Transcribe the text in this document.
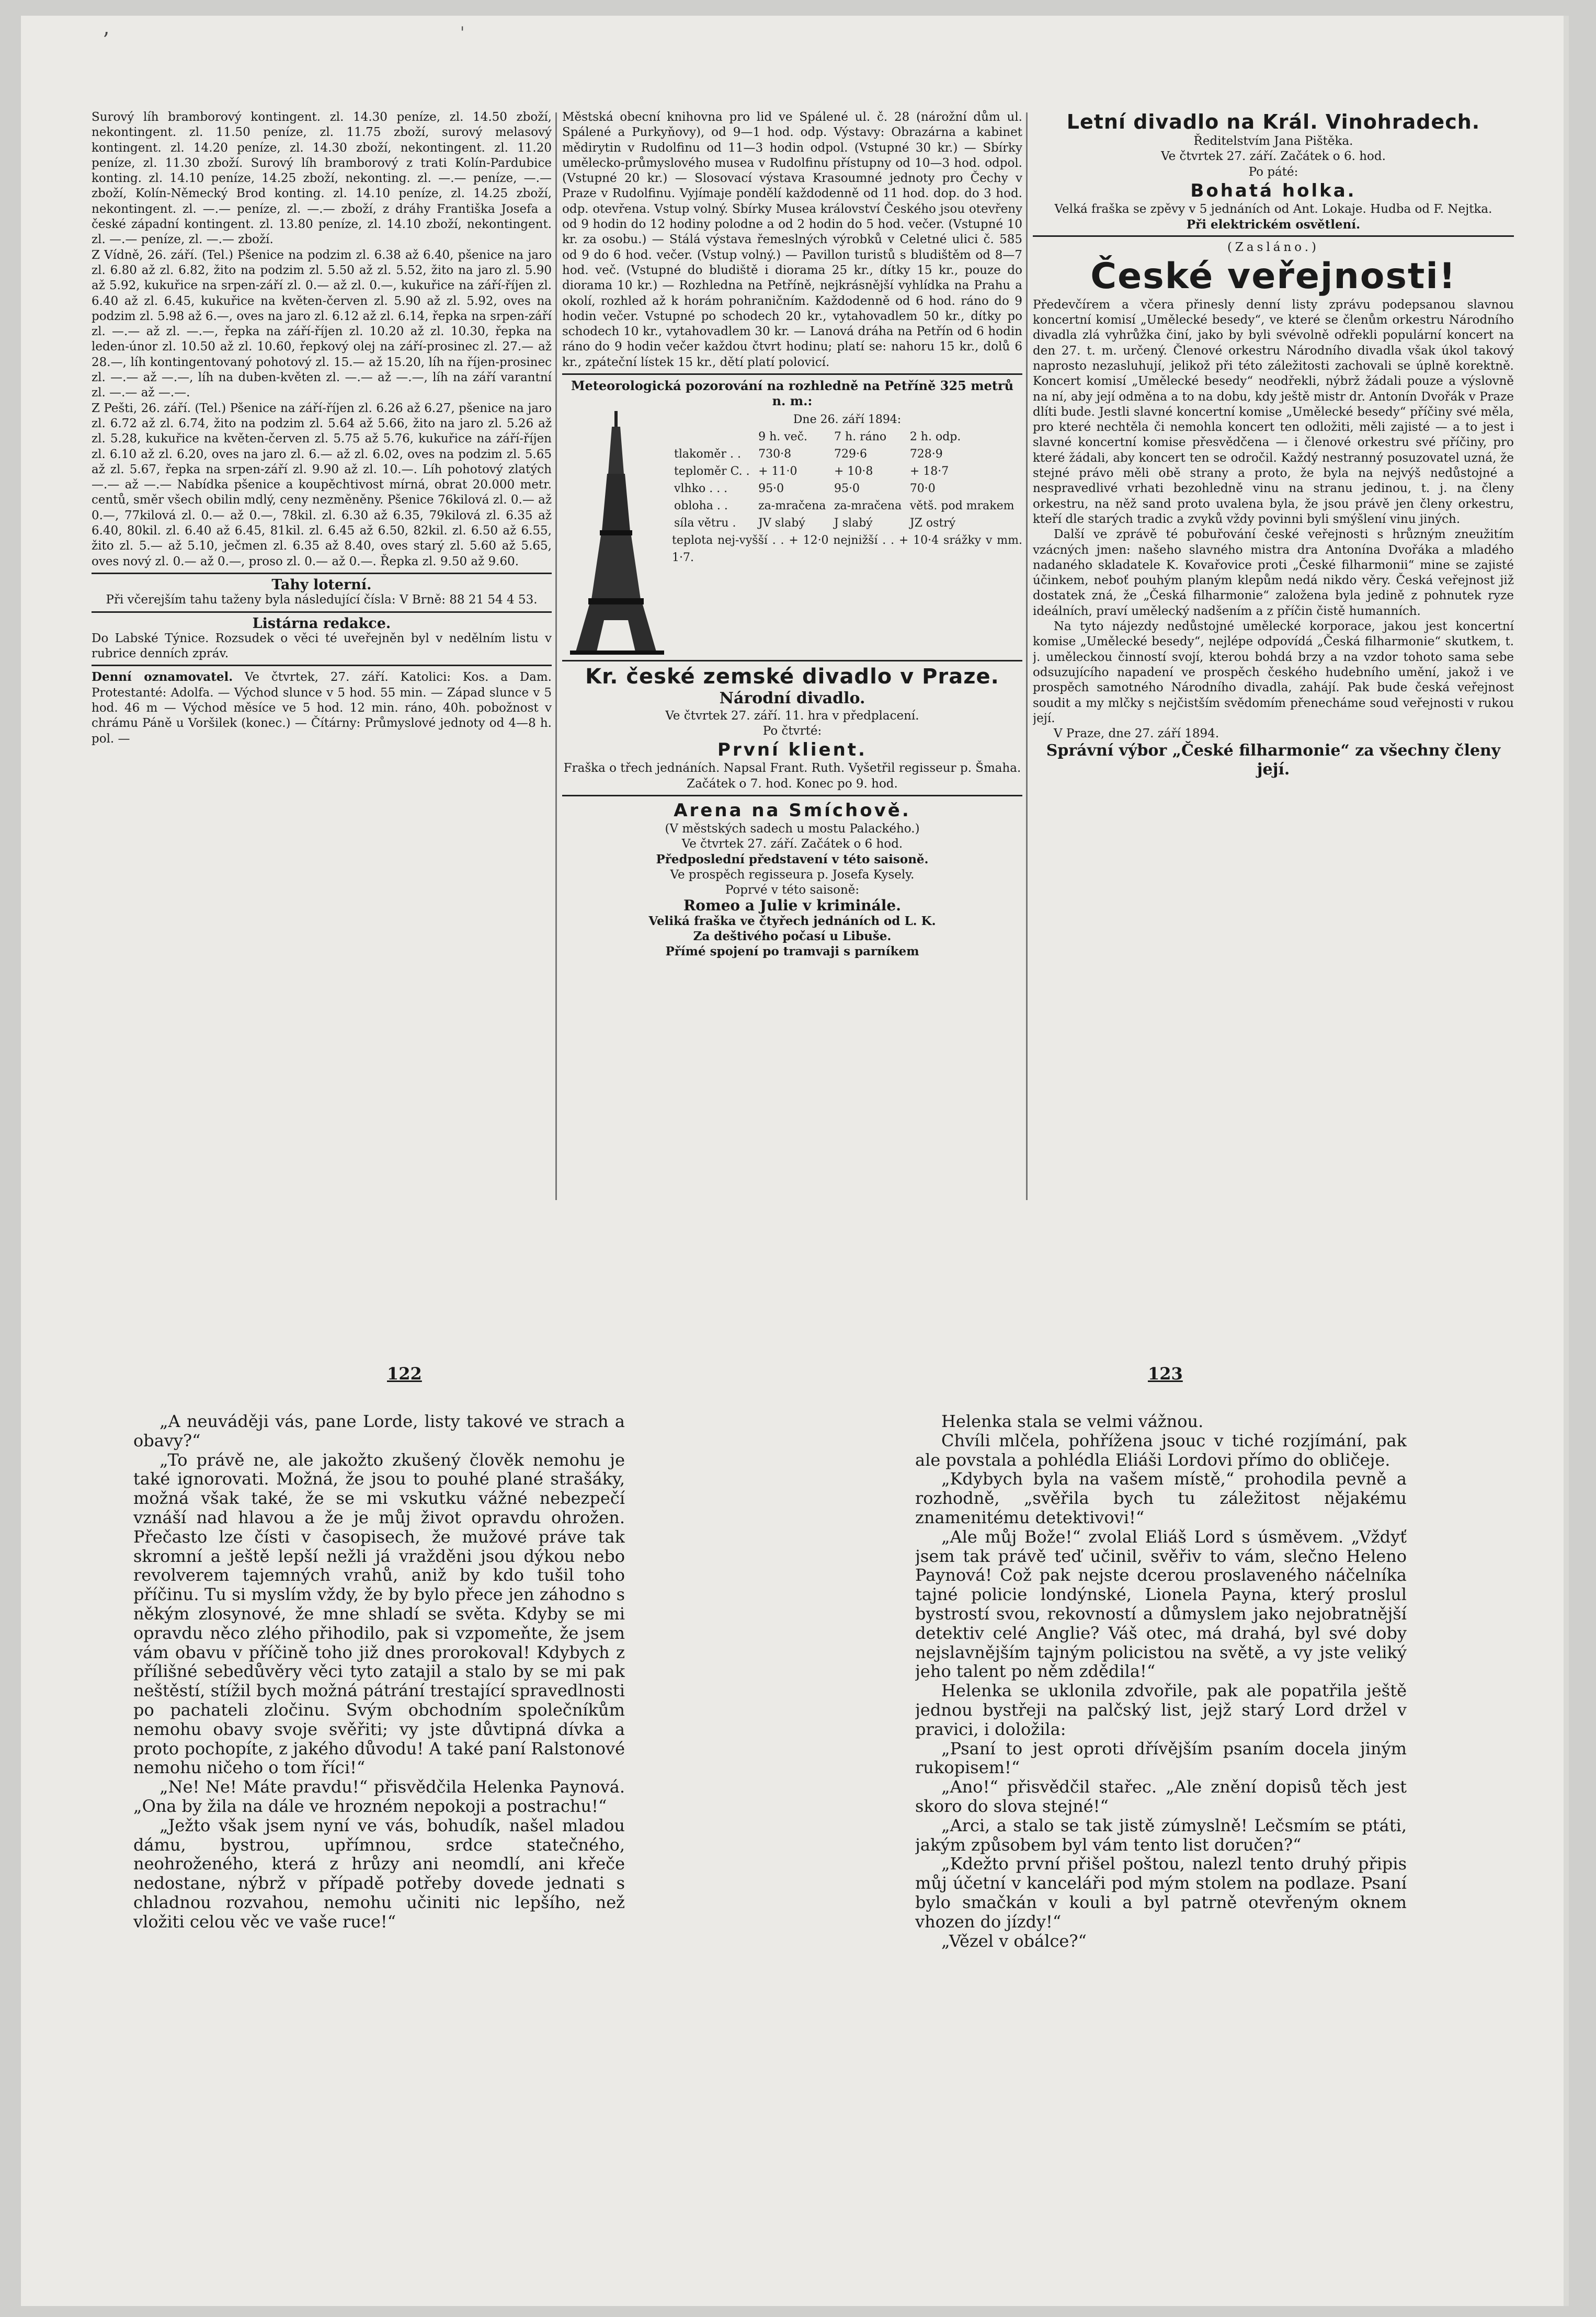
ʼ	'

Surový líh bramborový kontingent. zl. 14.30 peníze, zl. 14.50 zboží, nekontingent. zl. 11.50 peníze, zl. 11.75 zboží, surový melasový kontingent. zl. 14.20 peníze, zl. 14.30 zboží, nekontingent. zl. 11.20 peníze, zl. 11.30 zboží. Surový líh bramborový z trati Kolín-Pardubice konting. zl. 14.10 peníze, 14.25 zboží, nekonting. zl. —.— peníze, —.— zboží, Kolín-Německý Brod konting. zl. 14.10 peníze, zl. 14.25 zboží, nekontingent. zl. —.— peníze, zl. —.— zboží, z dráhy Františka Josefa a české západní kontingent. zl. 13.80 peníze, zl. 14.10 zboží, nekontingent. zl. —.— peníze, zl. —.— zboží.

Z Vídně, 26. září. (Tel.) Pšenice na podzim zl. 6.38 až 6.40, pšenice na jaro zl. 6.80 až zl. 6.82, žito na podzim zl. 5.50 až zl. 5.52, žito na jaro zl. 5.90 až 5.92, kukuřice na srpen-září zl. 0.— až zl. 0.—, kukuřice na září-říjen zl. 6.40 až zl. 6.45, kukuřice na květen-červen zl. 5.90 až zl. 5.92, oves na podzim zl. 5.98 až 6.—, oves na jaro zl. 6.12 až zl. 6.14, řepka na srpen-září zl. —.— až zl. —.—, řepka na září-říjen zl. 10.20 až zl. 10.30, řepka na leden-únor zl. 10.50 až zl. 10.60, řepkový olej na září-prosinec zl. 27.— až 28.—, líh kontingentovaný pohotový zl. 15.— až 15.20, líh na říjen-prosinec zl. —.— až —.—, líh na duben-květen zl. —.— až —.—, líh na září varantní zl. —.— až —.—.

Z Pešti, 26. září. (Tel.) Pšenice na září-říjen zl. 6.26 až 6.27, pšenice na jaro zl. 6.72 až zl. 6.74, žito na podzim zl. 5.64 až 5.66, žito na jaro zl. 5.26 až zl. 5.28, kukuřice na květen-červen zl. 5.75 až 5.76, kukuřice na září-říjen zl. 6.10 až zl. 6.20, oves na jaro zl. 6.— až zl. 6.02, oves na podzim zl. 5.65 až zl. 5.67, řepka na srpen-září zl. 9.90 až zl. 10.—. Líh pohotový zlatých —.— až —.— Nabídka pšenice a koupěchtivost mírná, obrat 20.000 metr. centů, směr všech obilin mdlý, ceny nezměněny. Pšenice 76kilová zl. 0.— až 0.—, 77kilová zl. 0.— až 0.—, 78kil. zl. 6.30 až 6.35, 79kilová zl. 6.35 až 6.40, 80kil. zl. 6.40 až 6.45, 81kil. zl. 6.45 až 6.50, 82kil. zl. 6.50 až 6.55, žito zl. 5.— až 5.10, ječmen zl. 6.35 až 8.40, oves starý zl. 5.60 až 5.65, oves nový zl. 0.— až 0.—, proso zl. 0.— až 0.—. Řepka zl. 9.50 až 9.60.

Tahy loterní.

Při včerejším tahu taženy byla následující čísla: V Brně: 88 21 54 4 53.

Listárna redakce.

Do Labské Týnice. Rozsudek o věci té uveřejněn byl v nedělním listu v rubrice denních zpráv.

Denní oznamovatel. Ve čtvrtek, 27. září. Katolici: Kos. a Dam. Protestanté: Adolfa. — Východ slunce v 5 hod. 55 min. — Západ slunce v 5 hod. 46 m — Východ měsíce ve 5 hod. 12 min. ráno, 40h. pobožnost v chrámu Páně u Voršilek (konec.) — Čítárny: Průmyslové jednoty od 4—8 h. pol. —

Městská obecní knihovna pro lid ve Spálené ul. č. 28 (nárožní dům ul. Spálené a Purkyňovy), od 9—1 hod. odp. Výstavy: Obrazárna a kabinet mědirytin v Rudolfinu od 11—3 hodin odpol. (Vstupné 30 kr.) — Sbírky umělecko-průmyslového musea v Rudolfinu přístupny od 10—3 hod. odpol. (Vstupné 20 kr.) — Slosovací výstava Krasoumné jednoty pro Čechy v Praze v Rudolfinu. Vyjímaje pondělí každodenně od 11 hod. dop. do 3 hod. odp. otevřena. Vstup volný. Sbírky Musea království Českého jsou otevřeny od 9 hodin do 12 hodiny polodne a od 2 hodin do 5 hod. večer. (Vstupné 10 kr. za osobu.) — Stálá výstava řemeslných výrobků v Celetné ulici č. 585 od 9 do 6 hod. večer. (Vstup volný.) — Pavillon turistů s bludištěm od 8—7 hod. več. (Vstupné do bludiště i diorama 25 kr., dítky 15 kr., pouze do diorama 10 kr.) — Rozhledna na Petříně, nejkrásnější vyhlídka na Prahu a okolí, rozhled až k horám pohraničním. Každodenně od 6 hod. ráno do 9 hodin večer. Vstupné po schodech 20 kr., vytahovadlem 50 kr., dítky po schodech 10 kr., vytahovadlem 30 kr. — Lanová dráha na Petřín od 6 hodin ráno do 9 hodin večer každou čtvrt hodinu; platí se: nahoru 15 kr., dolů 6 kr., zpáteční lístek 15 kr., dětí platí polovicí.

Meteorologická pozorování na rozhledně na Petříně 325 metrů n. m.:

Dne 26. září 1894:
	9 h. več.	7 h. ráno	2 h. odp.
tlakoměr . .	730·8	729·6	728·9
teploměr C. .	+ 11·0	+ 10·8	+ 18·7
vlhko . . .	95·0	95·0	70·0
obloha . .	za-mračena	za-mračena	větš. pod mrakem
síla větru .	JV slabý	J slabý	JZ ostrý
teplota nej-vyšší . . + 12·0 nejnižší . . + 10·4 srážky v mm. 1·7.

Kr. české zemské divadlo v Praze.

Národní divadlo.

Ve čtvrtek 27. září. 11. hra v předplacení.

Po čtvrté:

První klient.

Fraška o třech jednáních. Napsal Frant. Ruth. Vyšetřil regisseur p. Šmaha.

Začátek o 7. hod. Konec po 9. hod.

Arena na Smíchově.

(V městských sadech u mostu Palackého.)

Ve čtvrtek 27. září. Začátek o 6 hod.

Předposlední představení v této saisoně.

Ve prospěch regisseura p. Josefa Kysely.

Poprvé v této saisoně:

Romeo a Julie v kriminále.

Veliká fraška ve čtyřech jednáních od L. K.

Za deštivého počasí u Libuše.

Přímé spojení po tramvaji s parníkem

Letní divadlo na Král. Vinohradech.

Ředitelstvím Jana Pištěka.

Ve čtvrtek 27. září. Začátek o 6. hod.

Po páté:

Bohatá holka.

Velká fraška se zpěvy v 5 jednáních od Ant. Lokaje. Hudba od F. Nejtka.

Při elektrickém osvětlení.

(Zasláno.)

České veřejnosti!

Předevčírem a včera přinesly denní listy zprávu podepsanou slavnou koncertní komisí „Umělecké besedy“, ve které se členům orkestru Národního divadla zlá vyhrůžka činí, jako by byli svévolně odřekli populární koncert na den 27. t. m. určený. Členové orkestru Národního divadla však úkol takový naprosto nezasluhují, jelikož při této záležitosti zachovali se úplně korektně. Koncert komisí „Umělecké besedy“ neodřekli, nýbrž žádali pouze a výslovně na ní, aby její odměna a to na dobu, kdy ještě mistr dr. Antonín Dvořák v Praze dlíti bude. Jestli slavné koncertní komise „Umělecké besedy“ příčiny své měla, pro které nechtěla či nemohla koncert ten odložiti, měli zajisté — a to jest i slavné koncertní komise přesvědčena — i členové orkestru své příčiny, pro které žádali, aby koncert ten se odročil. Každý nestranný posuzovatel uzná, že stejné právo měli obě strany a proto, že byla na nejvýš nedůstojné a nespravedlivé vrhati bezohledně vinu na stranu jedinou, t. j. na členy orkestru, na něž sand proto uvalena byla, že jsou právě jen členy orkestru, kteří dle starých tradic a zvyků vždy povinni byli smýšlení vinu jiných.

Další ve zprávě té pobuřování české veřejnosti s hrůzným zneužitím vzácných jmen: našeho slavného mistra dra Antonína Dvořáka a mladého nadaného skladatele K. Kovařovice proti „České filharmonii“ mine se zajisté účinkem, neboť pouhým planým klepům nedá nikdo věry. Česká veřejnost již dostatek zná, že „Česká filharmonie“ založena byla jedině z pohnutek ryze ideálních, praví umělecký nadšením a z příčin čistě humanních.

Na tyto nájezdy nedůstojné umělecké korporace, jakou jest koncertní komise „Umělecké besedy“, nejlépe odpovídá „Česká filharmonie“ skutkem, t. j. uměleckou činností svojí, kterou bohdá brzy a na vzdor tohoto sama sebe odsuzujícího napadení ve prospěch českého hudebního umění, jakož i ve prospěch samotného Národního divadla, zahájí. Pak bude česká veřejnost soudit a my mlčky s nejčistším svědomím přenecháme soud veřejnosti v rukou její.

V Praze, dne 27. září 1894.

Správní výbor „České filharmonie“ za všechny členy její.

122	123

„A neuváději vás, pane Lorde, listy takové ve strach a obavy?“

„To právě ne, ale jakožto zkušený člověk nemohu je také ignorovati. Možná, že jsou to pouhé plané strašáky, možná však také, že se mi vskutku vážné nebezpečí vznáší nad hlavou a že je můj život opravdu ohrožen. Přečasto lze čísti v časopisech, že mužové práve tak skromní a ještě lepší nežli já vražděni jsou dýkou nebo revolverem tajemných vrahů, aniž by kdo tušil toho příčinu. Tu si myslím vždy, že by bylo přece jen záhodno s někým zlosynové, že mne shladí se světa. Kdyby se mi opravdu něco zlého přihodilo, pak si vzpomeňte, že jsem vám obavu v příčině toho již dnes prorokoval! Kdybych z přílišné sebedůvěry věci tyto zatajil a stalo by se mi pak neštěstí, stížil bych možná pátrání trestající spravedlnosti po pachateli zločinu. Svým obchodním společníkům nemohu obavy svoje svěřiti; vy jste důvtipná dívka a proto pochopíte, z jakého důvodu! A také paní Ralstonové nemohu ničeho o tom říci!“

„Ne! Ne! Máte pravdu!“ přisvědčila Helenka Paynová. „Ona by žila na dále ve hrozném nepokoji a postrachu!“

„Ježto však jsem nyní ve vás, bohudík, našel mladou dámu, bystrou, upřímnou, srdce statečného, neohroženého, která z hrůzy ani neomdlí, ani křeče nedostane, nýbrž v případě potřeby dovede jednati s chladnou rozvahou, nemohu učiniti nic lepšího, než vložiti celou věc ve vaše ruce!“

Helenka stala se velmi vážnou.

Chvíli mlčela, pohřížena jsouc v tiché rozjímání, pak ale povstala a pohlédla Eliáši Lordovi přímo do obličeje.

„Kdybych byla na vašem místě,“ prohodila pevně a rozhodně, „svěřila bych tu záležitost nějakému znamenitému detektivovi!“

„Ale můj Bože!“ zvolal Eliáš Lord s úsměvem. „Vždyť jsem tak právě teď učinil, svěřiv to vám, slečno Heleno Paynová! Což pak nejste dcerou proslaveného náčelníka tajné policie londýnské, Lionela Payna, který proslul bystrostí svou, rekovností a důmyslem jako nejobratnější detektiv celé Anglie? Váš otec, má drahá, byl své doby nejslavnějším tajným policistou na světě, a vy jste veliký jeho talent po něm zdědila!“

Helenka se uklonila zdvořile, pak ale popatřila ještě jednou bystřeji na palčský list, jejž starý Lord držel v pravici, i doložila:

„Psaní to jest oproti dřívějším psaním docela jiným rukopisem!“

„Ano!“ přisvědčil stařec. „Ale znění dopisů těch jest skoro do slova stejné!“

„Arci, a stalo se tak jistě zúmyslně! Lečsmím se ptáti, jakým způsobem byl vám tento list doručen?“

„Kdežto první přišel poštou, nalezl tento druhý připis můj účetní v kanceláři pod mým stolem na podlaze. Psaní bylo smačkán v kouli a byl patrně otevřeným oknem vhozen do jízdy!“

„Vězel v obálce?“
